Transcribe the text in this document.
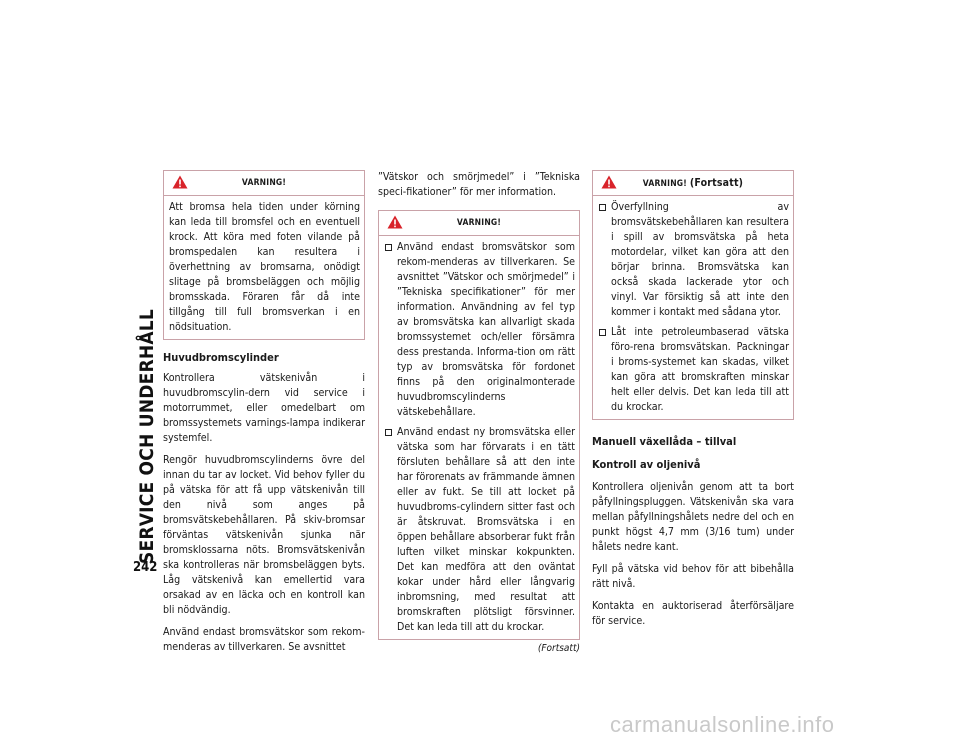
SERVICE OCH UNDERHÅLL
242
VARNING!
Att bromsa hela tiden under körning kan leda till bromsfel och en eventuell krock. Att köra med foten vilande på bromspedalen kan resultera i överhettning av bromsarna, onödigt slitage på bromsbeläggen och möjlig bromsskada. Föraren får då inte tillgång till full bromsverkan i en nödsituation.
Huvudbromscylinder

Kontrollera vätskenivån i huvudbromscylin-dern vid service i motorrummet, eller omedelbart om bromssystemets varnings-lampa indikerar systemfel.

Rengör huvudbromscylinderns övre del innan du tar av locket. Vid behov fyller du på vätska för att få upp vätskenivån till den nivå som anges på bromsvätskebehållaren. På skiv-bromsar förväntas vätskenivån sjunka när bromsklossarna nöts. Bromsvätskenivån ska kontrolleras när bromsbeläggen byts. Låg vätskenivå kan emellertid vara orsakad av en läcka och en kontroll kan bli nödvändig.

Använd endast bromsvätskor som rekom-menderas av tillverkaren. Se avsnittet

”Vätskor och smörjmedel” i ”Tekniska speci-fikationer” för mer information.

VARNING!
Använd endast bromsvätskor som rekom-menderas av tillverkaren. Se avsnittet ”Vätskor och smörjmedel” i ”Tekniska specifikationer” för mer information. Användning av fel typ av bromsvätska kan allvarligt skada bromssystemet och/eller försämra dess prestanda. Informa-tion om rätt typ av bromsvätska för fordonet finns på den originalmonterade huvudbromscylinderns vätskebehållare.
Använd endast ny bromsvätska eller vätska som har förvarats i en tätt försluten behållare så att den inte har förorenats av främmande ämnen eller av fukt. Se till att locket på huvudbroms-cylindern sitter fast och är åtskruvat. Bromsvätska i en öppen behållare absorberar fukt från luften vilket minskar kokpunkten. Det kan medföra att den oväntat kokar under hård eller långvarig inbromsning, med resultat att bromskraften plötsligt försvinner. Det kan leda till att du krockar.
(Fortsatt)
VARNING! (Fortsatt)
Överfyllning av bromsvätskebehållaren kan resultera i spill av bromsvätska på heta motordelar, vilket kan göra att den börjar brinna. Bromsvätska kan också skada lackerade ytor och vinyl. Var försiktig så att inte den kommer i kontakt med sådana ytor.
Låt inte petroleumbaserad vätska förо-rena bromsvätskan. Packningar i broms-systemet kan skadas, vilket kan göra att bromskraften minskar helt eller delvis. Det kan leda till att du krockar.
Manuell växellåda – tillval
Kontroll av oljenivå

Kontrollera oljenivån genom att ta bort påfyllningspluggen. Vätskenivån ska vara mellan påfyllningshålets nedre del och en punkt högst 4,7 mm (3/16 tum) under hålets nedre kant.

Fyll på vätska vid behov för att bibehålla rätt nivå.

Kontakta en auktoriserad återförsäljare för service.

carmanualsonline.info
